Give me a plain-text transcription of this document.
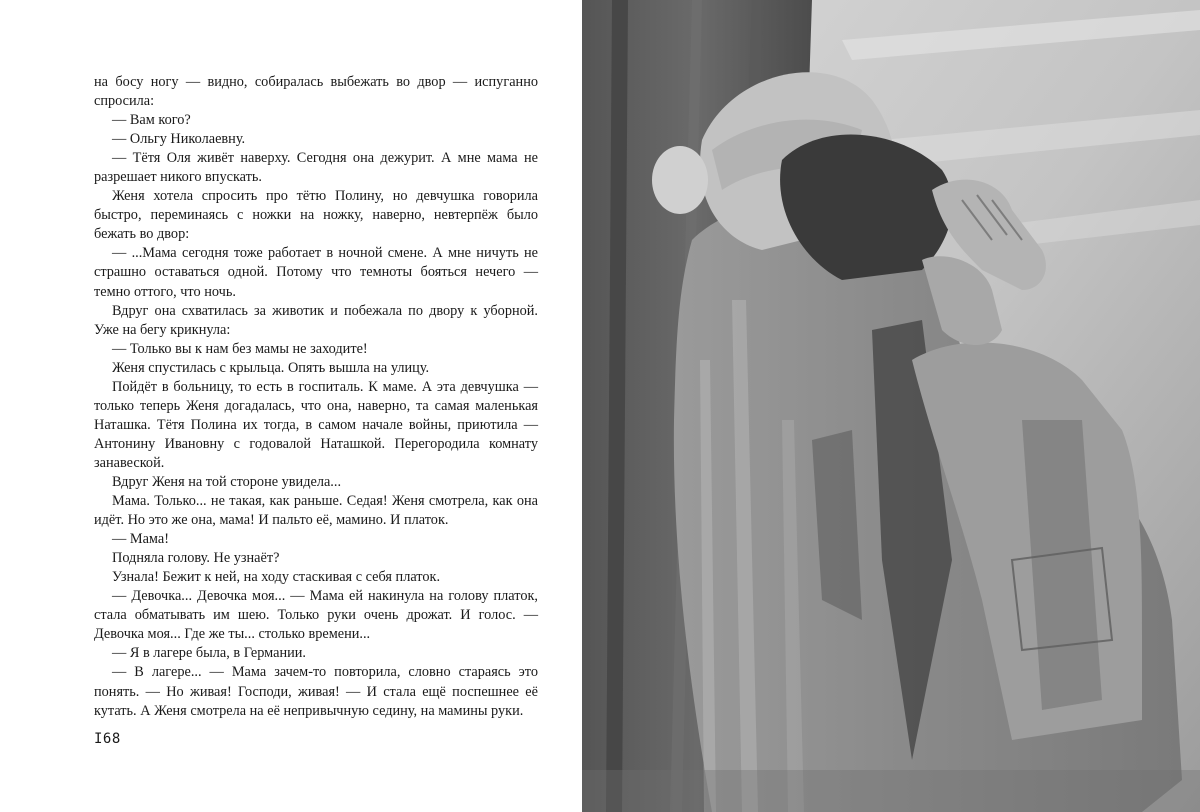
на босу ногу — видно, собиралась выбежать во двор — испуганно спросила:

— Вам кого?

— Ольгу Николаевну.

— Тётя Оля живёт наверху. Сегодня она дежурит. А мне мама не разрешает никого впускать.

Женя хотела спросить про тётю Полину, но девчушка говорила быстро, переминаясь с ножки на ножку, наверно, невтерпёж было бежать во двор:

— ...Мама сегодня тоже работает в ночной смене. А мне ничуть не страшно оставаться одной. Потому что темноты бояться нечего — темно оттого, что ночь.

Вдруг она схватилась за животик и побежала по двору к уборной. Уже на бегу крикнула:

— Только вы к нам без мамы не заходите!

Женя спустилась с крыльца. Опять вышла на улицу.

Пойдёт в больницу, то есть в госпиталь. К маме. А эта девчушка — только теперь Женя догадалась, что она, наверно, та самая маленькая Наташка. Тётя Полина их тогда, в самом начале войны, приютила — Антонину Ивановну с годовалой Наташкой. Перегородила комнату занавеской.

Вдруг Женя на той стороне увидела...

Мама. Только... не такая, как раньше. Седая! Женя смотрела, как она идёт. Но это же она, мама! И пальто её, мамино. И платок.

— Мама!

Подняла голову. Не узнаёт?

Узнала! Бежит к ней, на ходу стаскивая с себя платок.

— Девочка... Девочка моя... — Мама ей накинула на голову платок, стала обматывать им шею. Только руки очень дрожат. И голос. — Девочка моя... Где же ты... столько времени...

— Я в лагере была, в Германии.

— В лагере... — Мама зачем-то повторила, словно стараясь это понять. — Но живая! Господи, живая! — И стала ещё поспешнее её кутать. А Женя смотрела на её непривычную седину, на мамины руки.

I68
